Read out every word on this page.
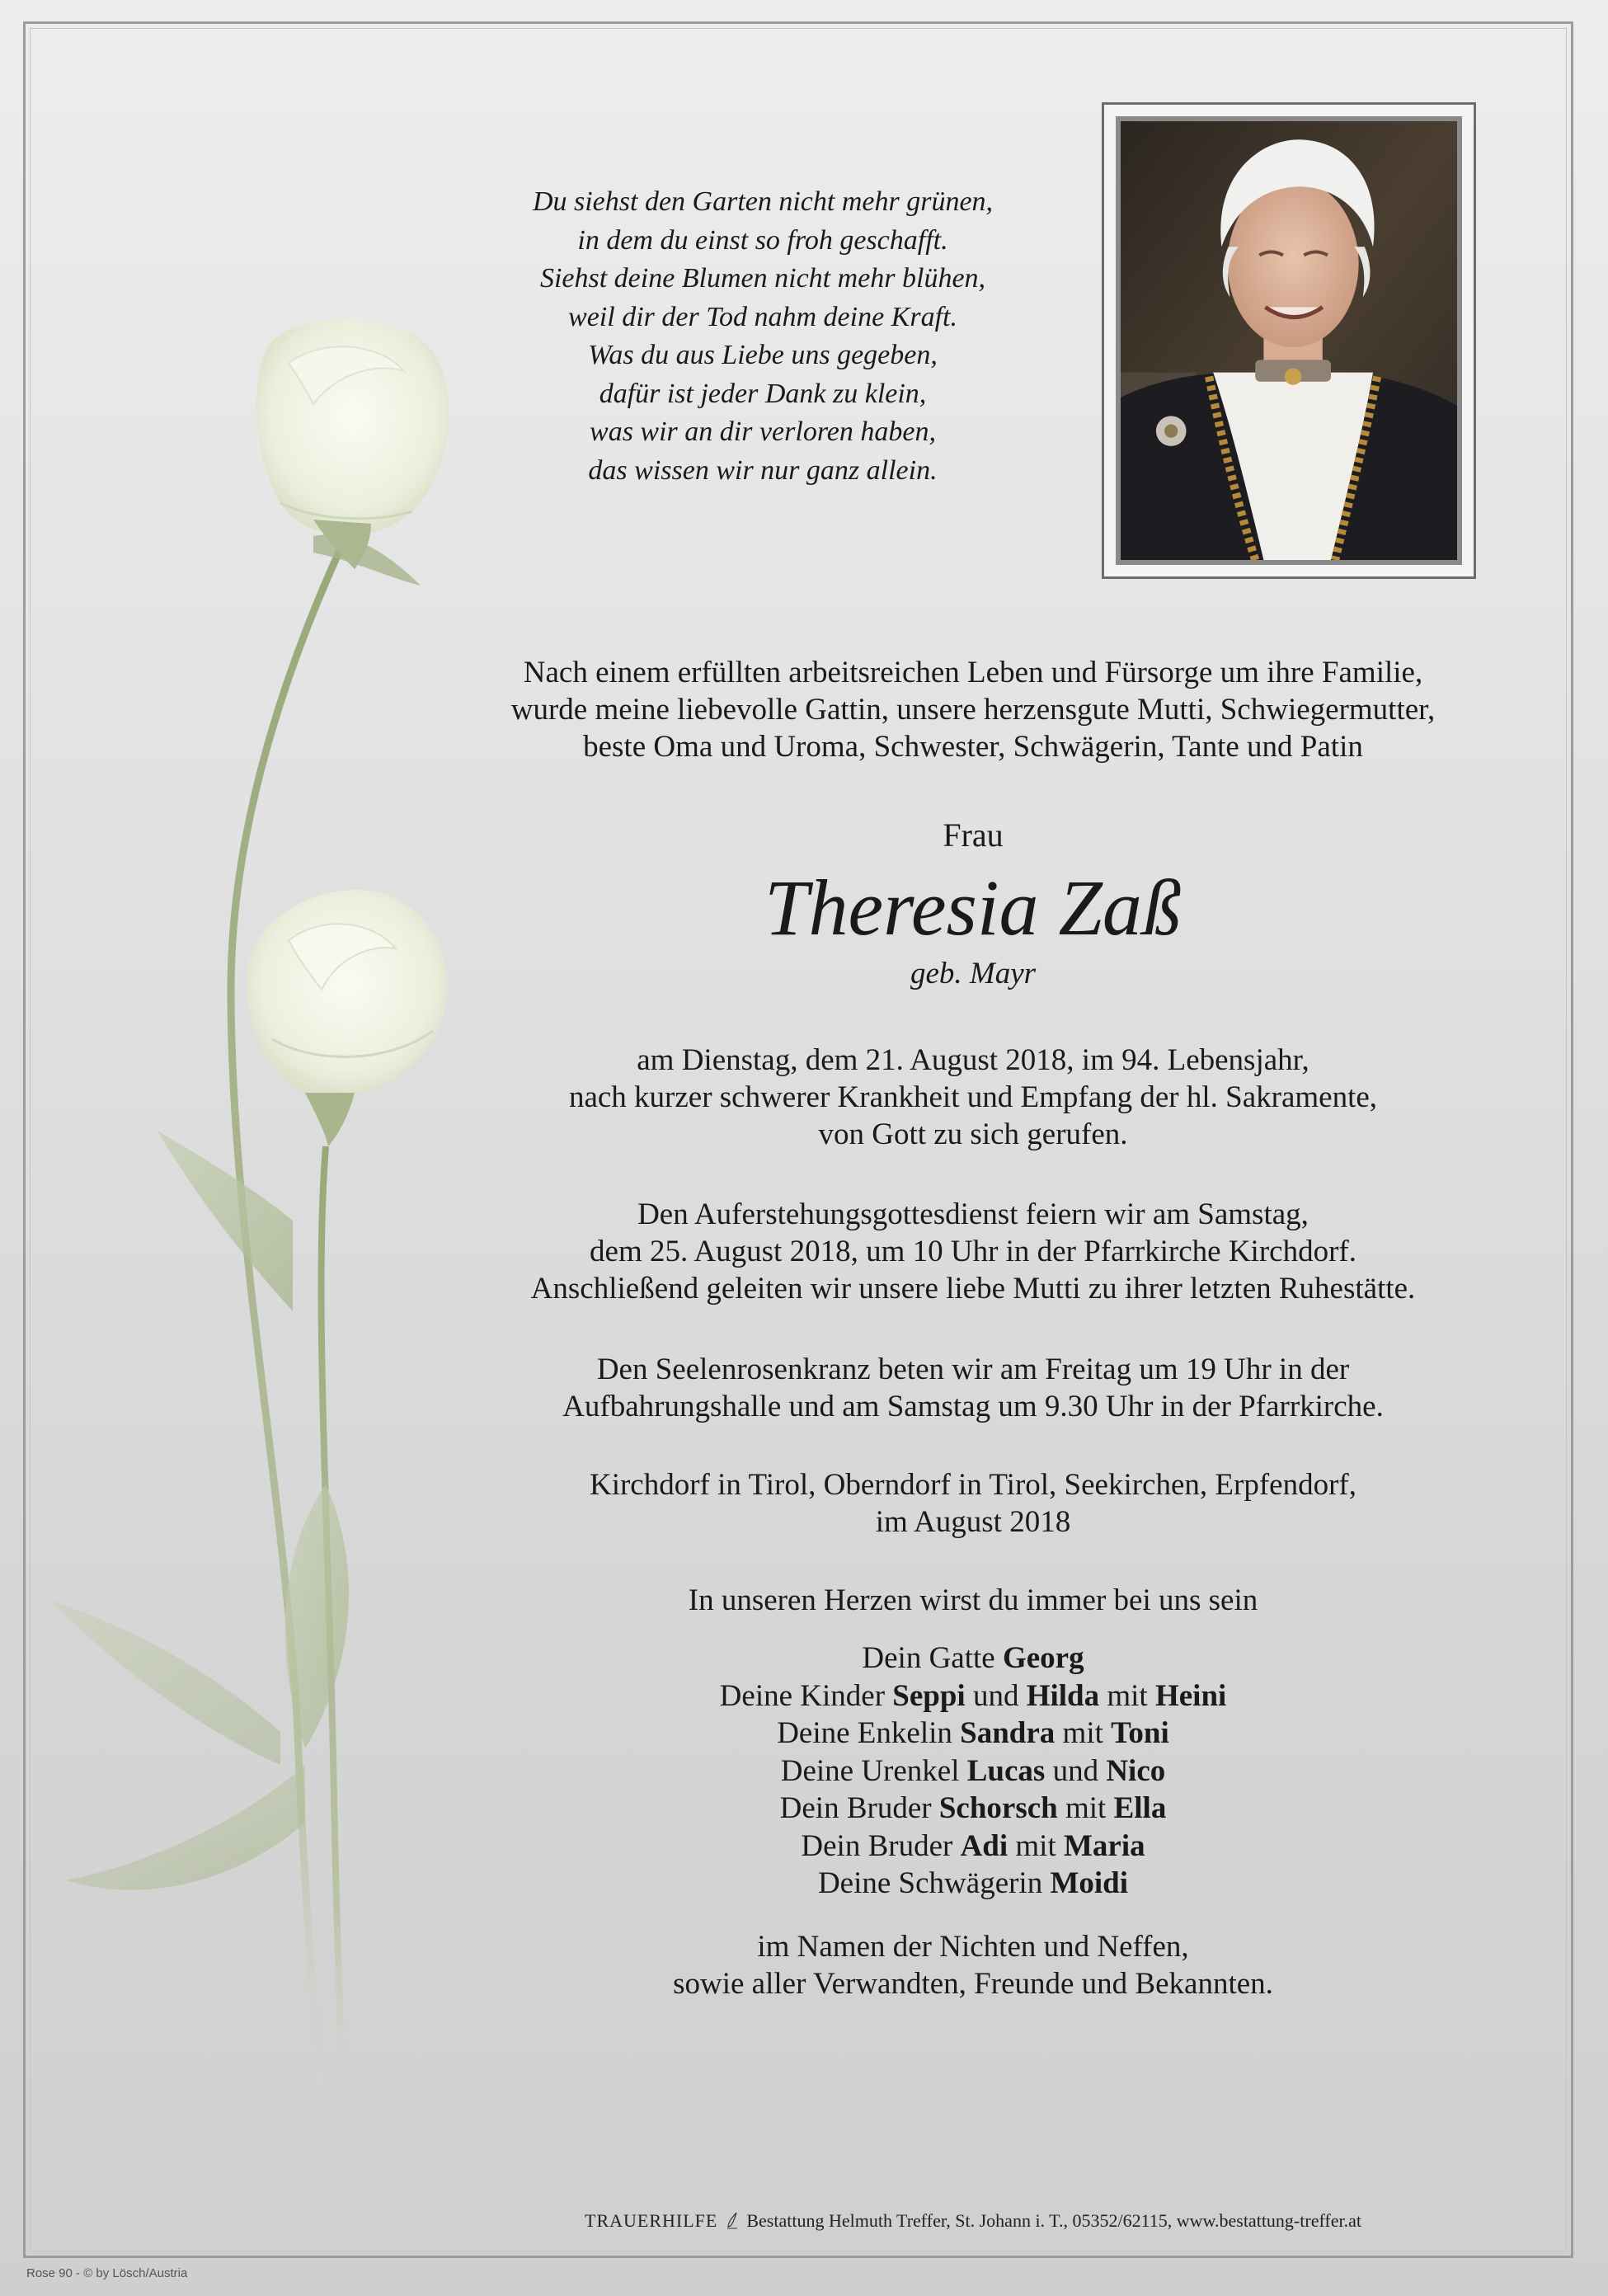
Du siehst den Garten nicht mehr grünen,
in dem du einst so froh geschafft.
Siehst deine Blumen nicht mehr blühen,
weil dir der Tod nahm deine Kraft.
Was du aus Liebe uns gegeben,
dafür ist jeder Dank zu klein,
was wir an dir verloren haben,
das wissen wir nur ganz allein.
Nach einem erfüllten arbeitsreichen Leben und Fürsorge um ihre Familie,
wurde meine liebevolle Gattin, unsere herzensgute Mutti, Schwiegermutter,
beste Oma und Uroma, Schwester, Schwägerin, Tante und Patin
Frau
Theresia Zaß
geb. Mayr
am Dienstag, dem 21. August 2018, im 94. Lebensjahr,
nach kurzer schwerer Krankheit und Empfang der hl. Sakramente,
von Gott zu sich gerufen.
Den Auferstehungsgottesdienst feiern wir am Samstag,
dem 25. August 2018, um 10 Uhr in der Pfarrkirche Kirchdorf.
Anschließend geleiten wir unsere liebe Mutti zu ihrer letzten Ruhestätte.
Den Seelenrosenkranz beten wir am Freitag um 19 Uhr in der
Aufbahrungshalle und am Samstag um 9.30 Uhr in der Pfarrkirche.
Kirchdorf in Tirol, Oberndorf in Tirol, Seekirchen, Erpfendorf,
im August 2018
In unseren Herzen wirst du immer bei uns sein
Dein Gatte Georg
Deine Kinder Seppi und Hilda mit Heini
Deine Enkelin Sandra mit Toni
Deine Urenkel Lucas und Nico
Dein Bruder Schorsch mit Ella
Dein Bruder Adi mit Maria
Deine Schwägerin Moidi
im Namen der Nichten und Neffen,
sowie aller Verwandten, Freunde und Bekannten.
TRAUERHILFE Bestattung Helmuth Treffer, St. Johann i. T., 05352/62115, www.bestattung-treffer.at
Rose 90 - © by Lösch/Austria
